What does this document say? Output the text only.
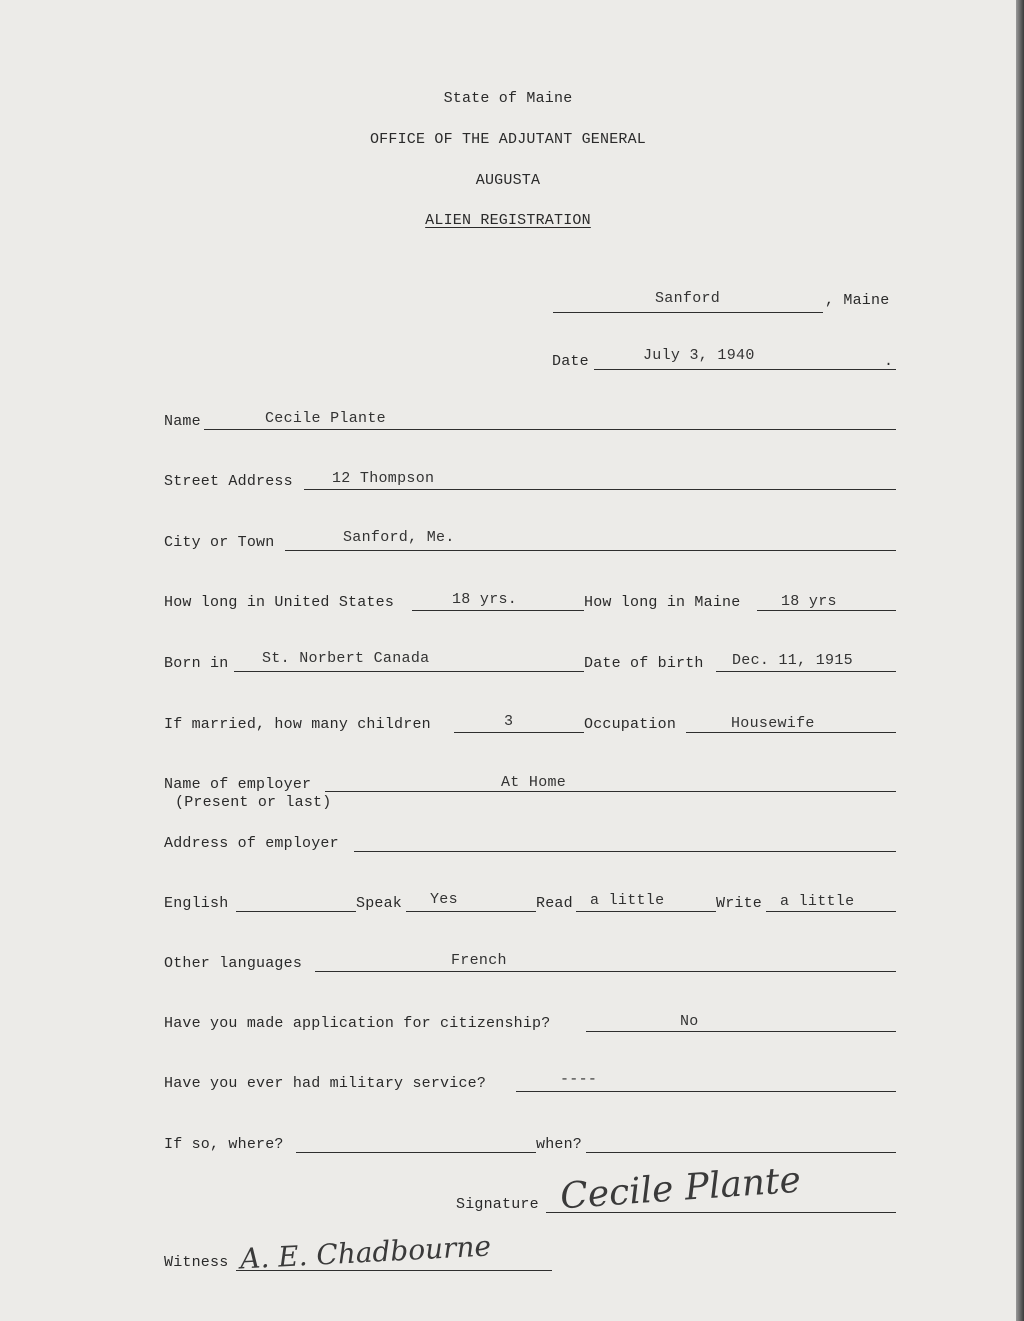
State of Maine
OFFICE OF THE ADJUTANT GENERAL
AUGUSTA
ALIEN REGISTRATION
Sanford	, Maine
Date	July 3, 1940	.
Name	Cecile Plante
Street Address	12 Thompson
City or Town	Sanford, Me.
How long in United States	18 yrs.	How long in Maine	18 yrs
Born in St. Norbert Canada	Date of birth Dec. 11, 1915
If married, how many children	3	Occupation	Housewife
Name of employer	At Home
(Present or last)
Address of employer
English	Speak Yes	Read a little	Write a little
Other languages	French
Have you made application for citizenship?	No
Have you ever had military service?	----
If so, where?	when?
Signature Cecile Plante
Witness A. E. Chadbourne
